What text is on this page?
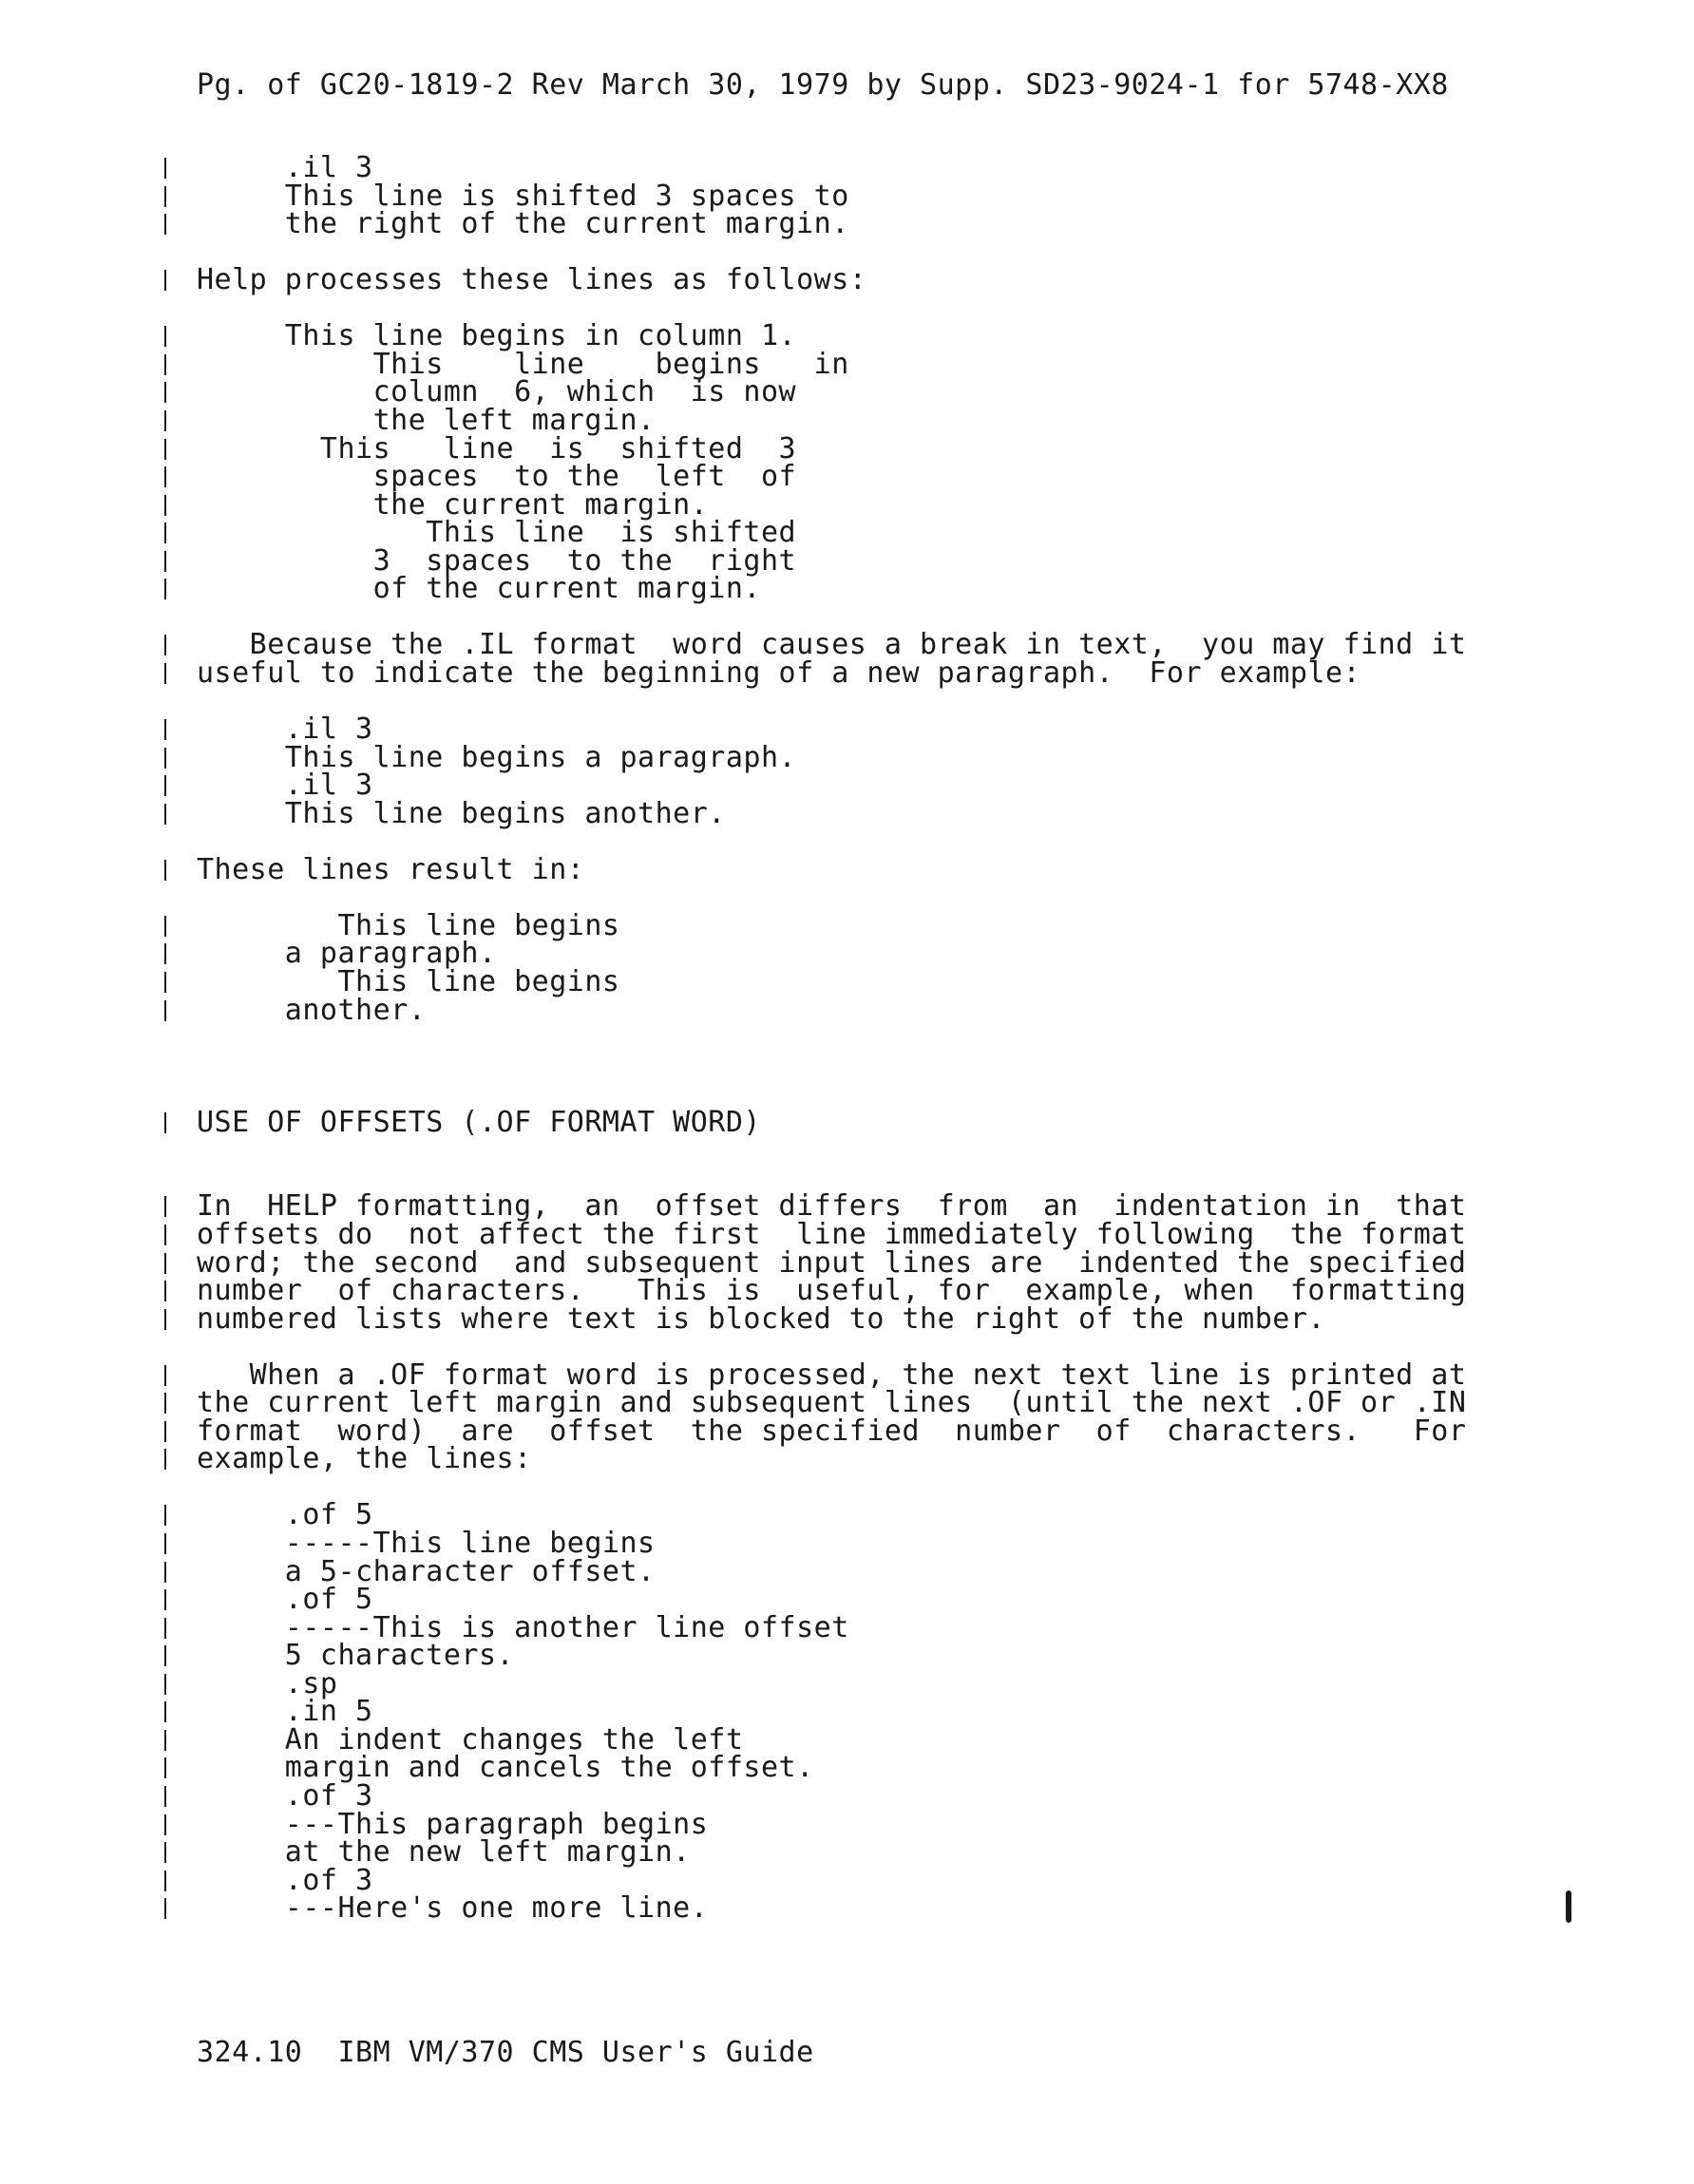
Pg. of GC20-1819-2 Rev March 30, 1979 by Supp. SD23-9024-1 for 5748-XX8
.il 3
This line is shifted 3 spaces to
the right of the current margin.
Help processes these lines as follows:
This line begins in column 1.
This    line    begins   in
column  6, which  is now
the left margin.
This   line  is  shifted  3
spaces  to the  left  of
the current margin.
This line  is shifted
3  spaces  to the  right
of the current margin.
Because the .IL format  word causes a break in text,  you may find it
useful to indicate the beginning of a new paragraph.  For example:
.il 3
This line begins a paragraph.
.il 3
This line begins another.
These lines result in:
This line begins
a paragraph.
This line begins
another.
USE OF OFFSETS (.OF FORMAT WORD)
In  HELP formatting,  an  offset differs  from  an  indentation in  that
offsets do  not affect the first  line immediately following  the format
word; the second  and subsequent input lines are  indented the specified
number  of characters.   This is  useful, for  example, when  formatting
numbered lists where text is blocked to the right of the number.
When a .OF format word is processed, the next text line is printed at
the current left margin and subsequent lines  (until the next .OF or .IN
format  word)  are  offset  the specified  number  of  characters.   For
example, the lines:
.of 5
-----This line begins
a 5-character offset.
.of 5
-----This is another line offset
5 characters.
.sp
.in 5
An indent changes the left
margin and cancels the offset.
.of 3
---This paragraph begins
at the new left margin.
.of 3
---Here's one more line.
324.10  IBM VM/370 CMS User's Guide
